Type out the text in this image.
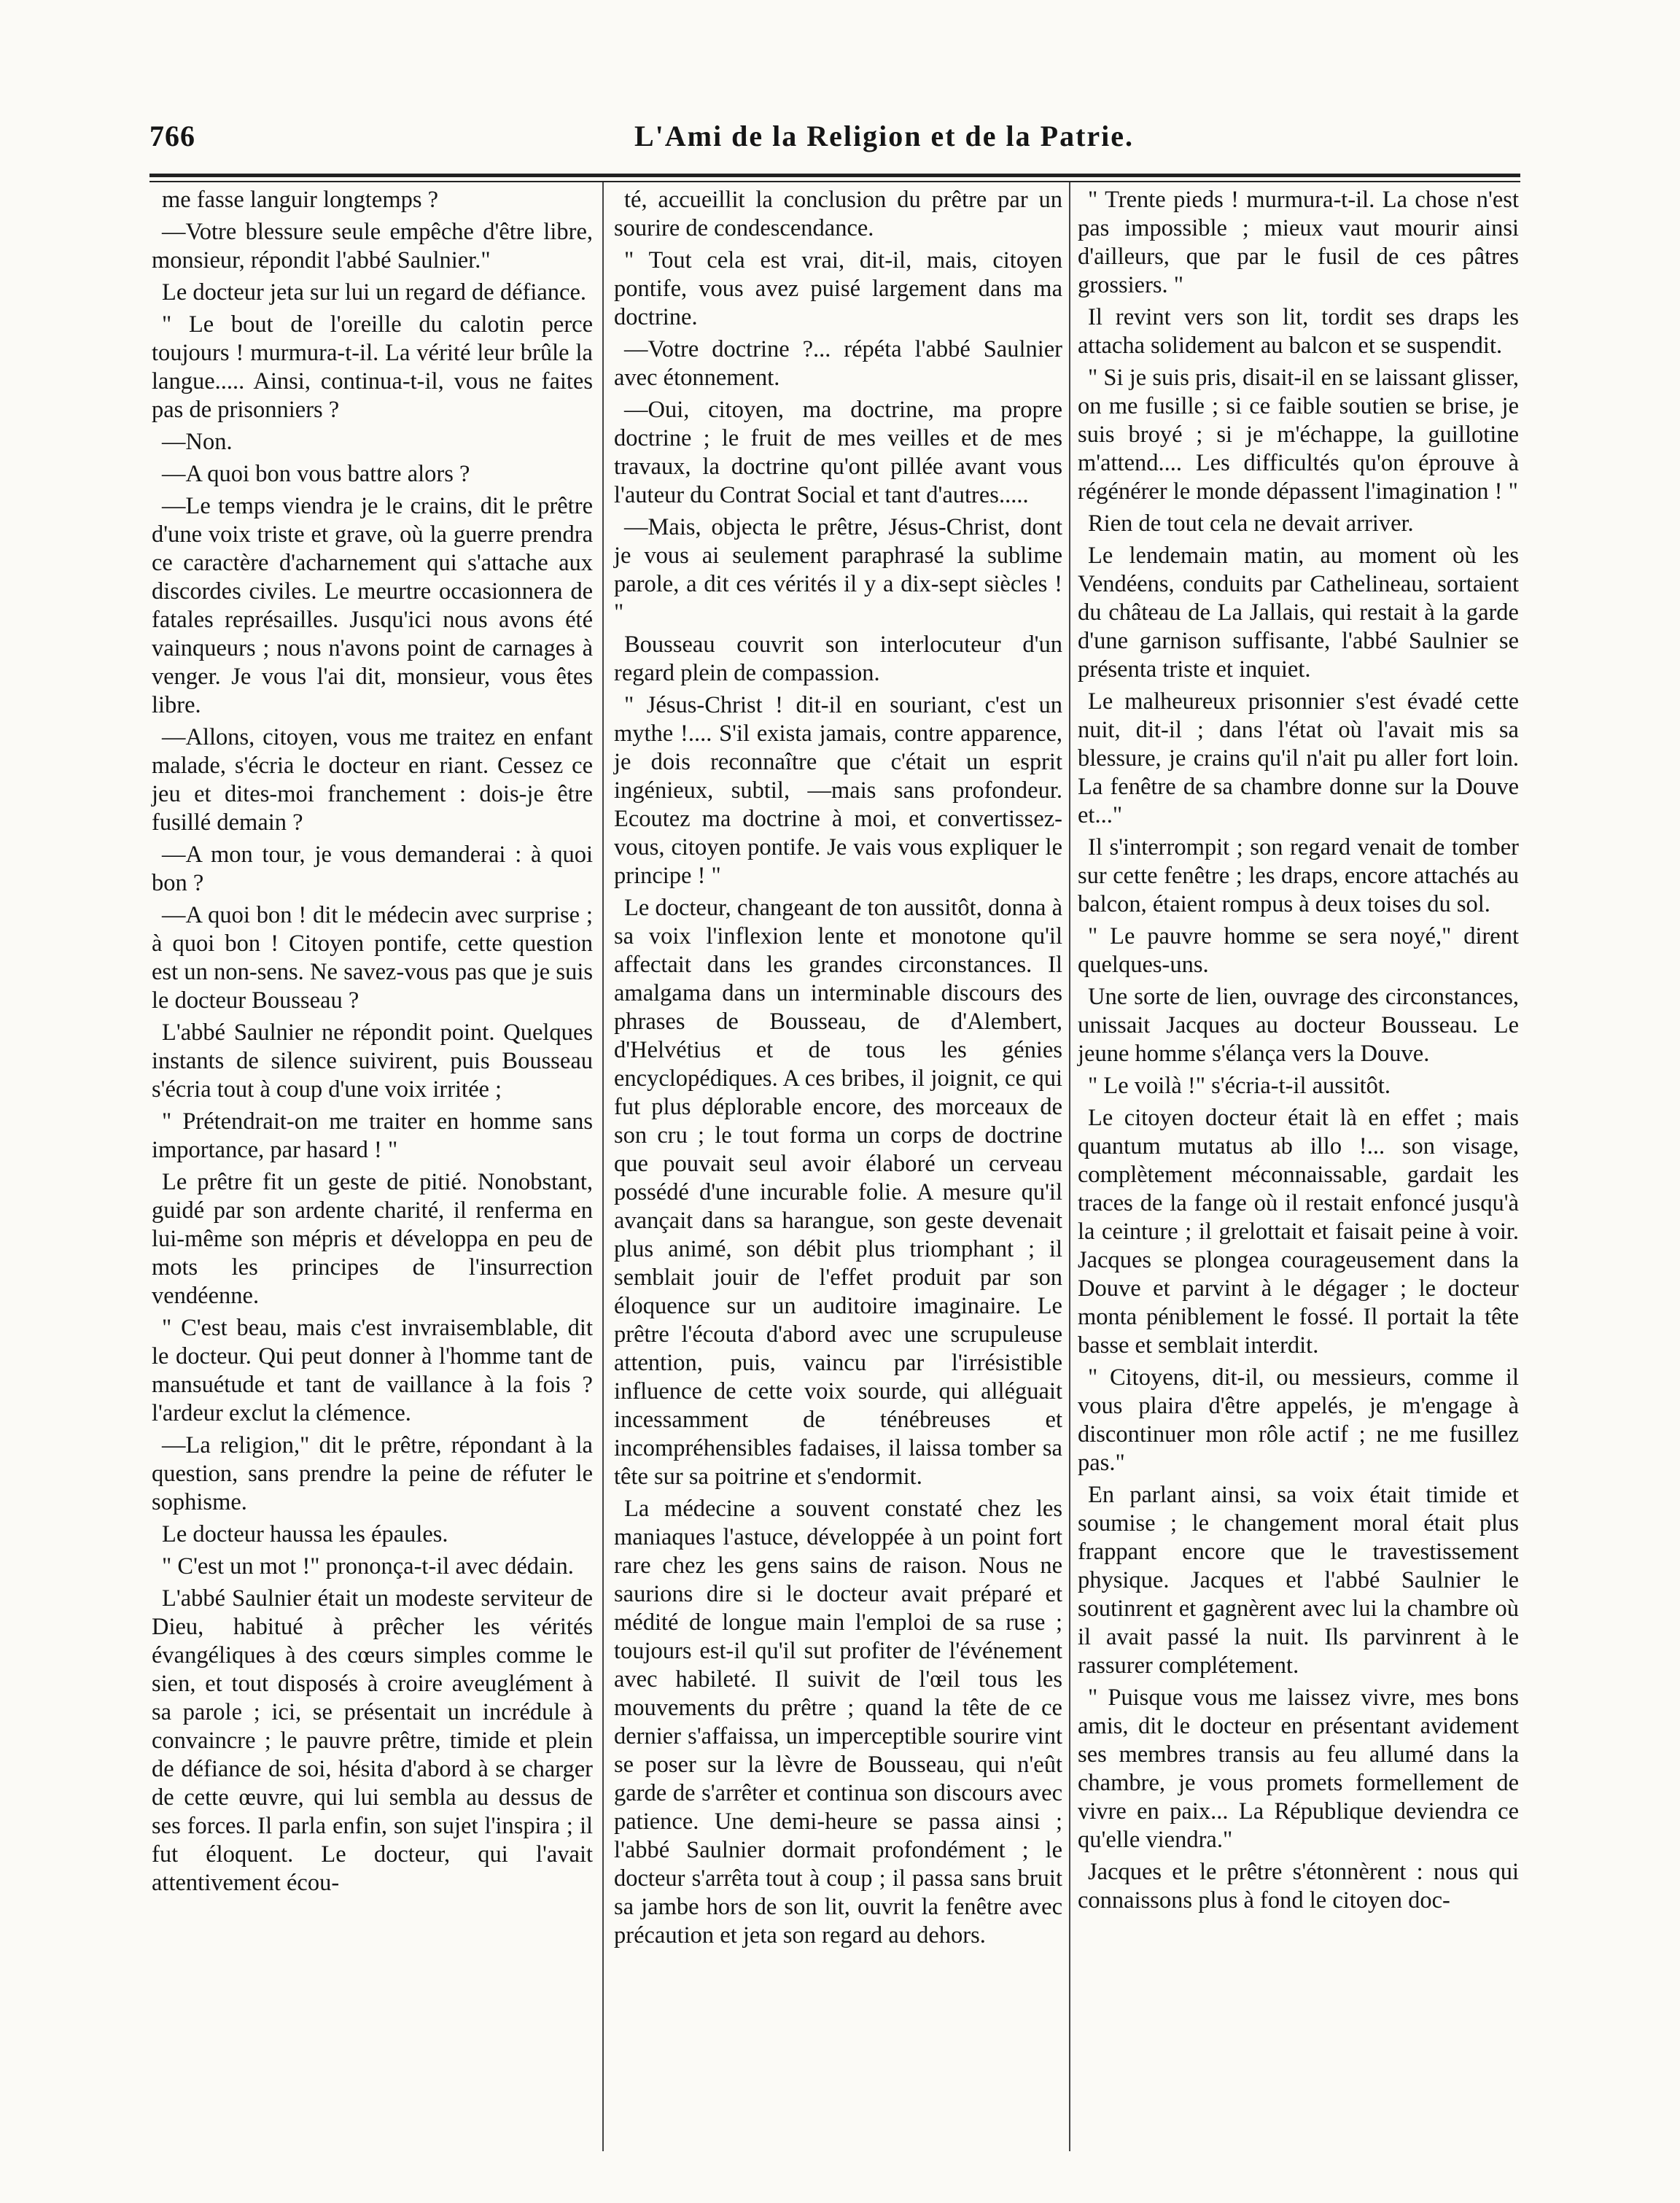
766	L'Ami de la Religion et de la Patrie.

me fasse languir longtemps ?

—Votre blessure seule empêche d'être libre, monsieur, répondit l'abbé Saulnier."

Le docteur jeta sur lui un regard de défiance.

" Le bout de l'oreille du calotin perce toujours ! murmura-t-il. La vérité leur brûle la langue..... Ainsi, continua-t-il, vous ne faites pas de prisonniers ?

—Non.

—A quoi bon vous battre alors ?

—Le temps viendra je le crains, dit le prêtre d'une voix triste et grave, où la guerre prendra ce caractère d'acharnement qui s'attache aux discordes civiles. Le meurtre occasionnera de fatales représailles. Jusqu'ici nous avons été vainqueurs ; nous n'avons point de carnages à venger. Je vous l'ai dit, monsieur, vous êtes libre.

—Allons, citoyen, vous me traitez en enfant malade, s'écria le docteur en riant. Cessez ce jeu et dites-moi franchement : dois-je être fusillé demain ?

—A mon tour, je vous demanderai : à quoi bon ?

—A quoi bon ! dit le médecin avec surprise ; à quoi bon ! Citoyen pontife, cette question est un non-sens. Ne savez-vous pas que je suis le docteur Bousseau ?

L'abbé Saulnier ne répondit point. Quelques instants de silence suivirent, puis Bousseau s'écria tout à coup d'une voix irritée ;

" Prétendrait-on me traiter en homme sans importance, par hasard ! "

Le prêtre fit un geste de pitié. Nonobstant, guidé par son ardente charité, il renferma en lui-même son mépris et développa en peu de mots les principes de l'insurrection vendéenne.

" C'est beau, mais c'est invraisemblable, dit le docteur. Qui peut donner à l'homme tant de mansuétude et tant de vaillance à la fois ? l'ardeur exclut la clémence.

—La religion," dit le prêtre, répondant à la question, sans prendre la peine de réfuter le sophisme.

Le docteur haussa les épaules.

" C'est un mot !" prononça-t-il avec dédain.

L'abbé Saulnier était un modeste serviteur de Dieu, habitué à prêcher les vérités évangéliques à des cœurs simples comme le sien, et tout disposés à croire aveuglément à sa parole ; ici, se présentait un incrédule à convaincre ; le pauvre prêtre, timide et plein de défiance de soi, hésita d'abord à se charger de cette œuvre, qui lui sembla au dessus de ses forces. Il parla enfin, son sujet l'inspira ; il fut éloquent. Le docteur, qui l'avait attentivement écou-

té, accueillit la conclusion du prêtre par un sourire de condescendance.

" Tout cela est vrai, dit-il, mais, citoyen pontife, vous avez puisé largement dans ma doctrine.

—Votre doctrine ?... répéta l'abbé Saulnier avec étonnement.

—Oui, citoyen, ma doctrine, ma propre doctrine ; le fruit de mes veilles et de mes travaux, la doctrine qu'ont pillée avant vous l'auteur du Contrat Social et tant d'autres.....

—Mais, objecta le prêtre, Jésus-Christ, dont je vous ai seulement paraphrasé la sublime parole, a dit ces vérités il y a dix-sept siècles ! "

Bousseau couvrit son interlocuteur d'un regard plein de compassion.

" Jésus-Christ ! dit-il en souriant, c'est un mythe !.... S'il exista jamais, contre apparence, je dois reconnaître que c'était un esprit ingénieux, subtil, —mais sans profondeur. Ecoutez ma doctrine à moi, et convertissez-vous, citoyen pontife. Je vais vous expliquer le principe ! "

Le docteur, changeant de ton aussitôt, donna à sa voix l'inflexion lente et monotone qu'il affectait dans les grandes circonstances. Il amalgama dans un interminable discours des phrases de Bousseau, de d'Alembert, d'Helvétius et de tous les génies encyclopédiques. A ces bribes, il joignit, ce qui fut plus déplorable encore, des morceaux de son cru ; le tout forma un corps de doctrine que pouvait seul avoir élaboré un cerveau possédé d'une incurable folie. A mesure qu'il avançait dans sa harangue, son geste devenait plus animé, son débit plus triomphant ; il semblait jouir de l'effet produit par son éloquence sur un auditoire imaginaire. Le prêtre l'écouta d'abord avec une scrupuleuse attention, puis, vaincu par l'irrésistible influence de cette voix sourde, qui alléguait incessamment de ténébreuses et incompréhensibles fadaises, il laissa tomber sa tête sur sa poitrine et s'endormit.

La médecine a souvent constaté chez les maniaques l'astuce, développée à un point fort rare chez les gens sains de raison. Nous ne saurions dire si le docteur avait préparé et médité de longue main l'emploi de sa ruse ; toujours est-il qu'il sut profiter de l'événement avec habileté. Il suivit de l'œil tous les mouvements du prêtre ; quand la tête de ce dernier s'affaissa, un imperceptible sourire vint se poser sur la lèvre de Bousseau, qui n'eût garde de s'arrêter et continua son discours avec patience. Une demi-heure se passa ainsi ; l'abbé Saulnier dormait profondément ; le docteur s'arrêta tout à coup ; il passa sans bruit sa jambe hors de son lit, ouvrit la fenêtre avec précaution et jeta son regard au dehors.

" Trente pieds ! murmura-t-il. La chose n'est pas impossible ; mieux vaut mourir ainsi d'ailleurs, que par le fusil de ces pâtres grossiers. "

Il revint vers son lit, tordit ses draps les attacha solidement au balcon et se suspendit.

" Si je suis pris, disait-il en se laissant glisser, on me fusille ; si ce faible soutien se brise, je suis broyé ; si je m'échappe, la guillotine m'attend.... Les difficultés qu'on éprouve à régénérer le monde dépassent l'imagination ! "

Rien de tout cela ne devait arriver.

Le lendemain matin, au moment où les Vendéens, conduits par Cathelineau, sortaient du château de La Jallais, qui restait à la garde d'une garnison suffisante, l'abbé Saulnier se présenta triste et inquiet.

Le malheureux prisonnier s'est évadé cette nuit, dit-il ; dans l'état où l'avait mis sa blessure, je crains qu'il n'ait pu aller fort loin. La fenêtre de sa chambre donne sur la Douve et..."

Il s'interrompit ; son regard venait de tomber sur cette fenêtre ; les draps, encore attachés au balcon, étaient rompus à deux toises du sol.

" Le pauvre homme se sera noyé," dirent quelques-uns.

Une sorte de lien, ouvrage des circonstances, unissait Jacques au docteur Bousseau. Le jeune homme s'élança vers la Douve.

" Le voilà !" s'écria-t-il aussitôt.

Le citoyen docteur était là en effet ; mais quantum mutatus ab illo !... son visage, complètement méconnaissable, gardait les traces de la fange où il restait enfoncé jusqu'à la ceinture ; il grelottait et faisait peine à voir. Jacques se plongea courageusement dans la Douve et parvint à le dégager ; le docteur monta péniblement le fossé. Il portait la tête basse et semblait interdit.

" Citoyens, dit-il, ou messieurs, comme il vous plaira d'être appelés, je m'engage à discontinuer mon rôle actif ; ne me fusillez pas."

En parlant ainsi, sa voix était timide et soumise ; le changement moral était plus frappant encore que le travestissement physique. Jacques et l'abbé Saulnier le soutinrent et gagnèrent avec lui la chambre où il avait passé la nuit. Ils parvinrent à le rassurer complétement.

" Puisque vous me laissez vivre, mes bons amis, dit le docteur en présentant avidement ses membres transis au feu allumé dans la chambre, je vous promets formellement de vivre en paix... La République deviendra ce qu'elle viendra."

Jacques et le prêtre s'étonnèrent : nous qui connaissons plus à fond le citoyen doc-
